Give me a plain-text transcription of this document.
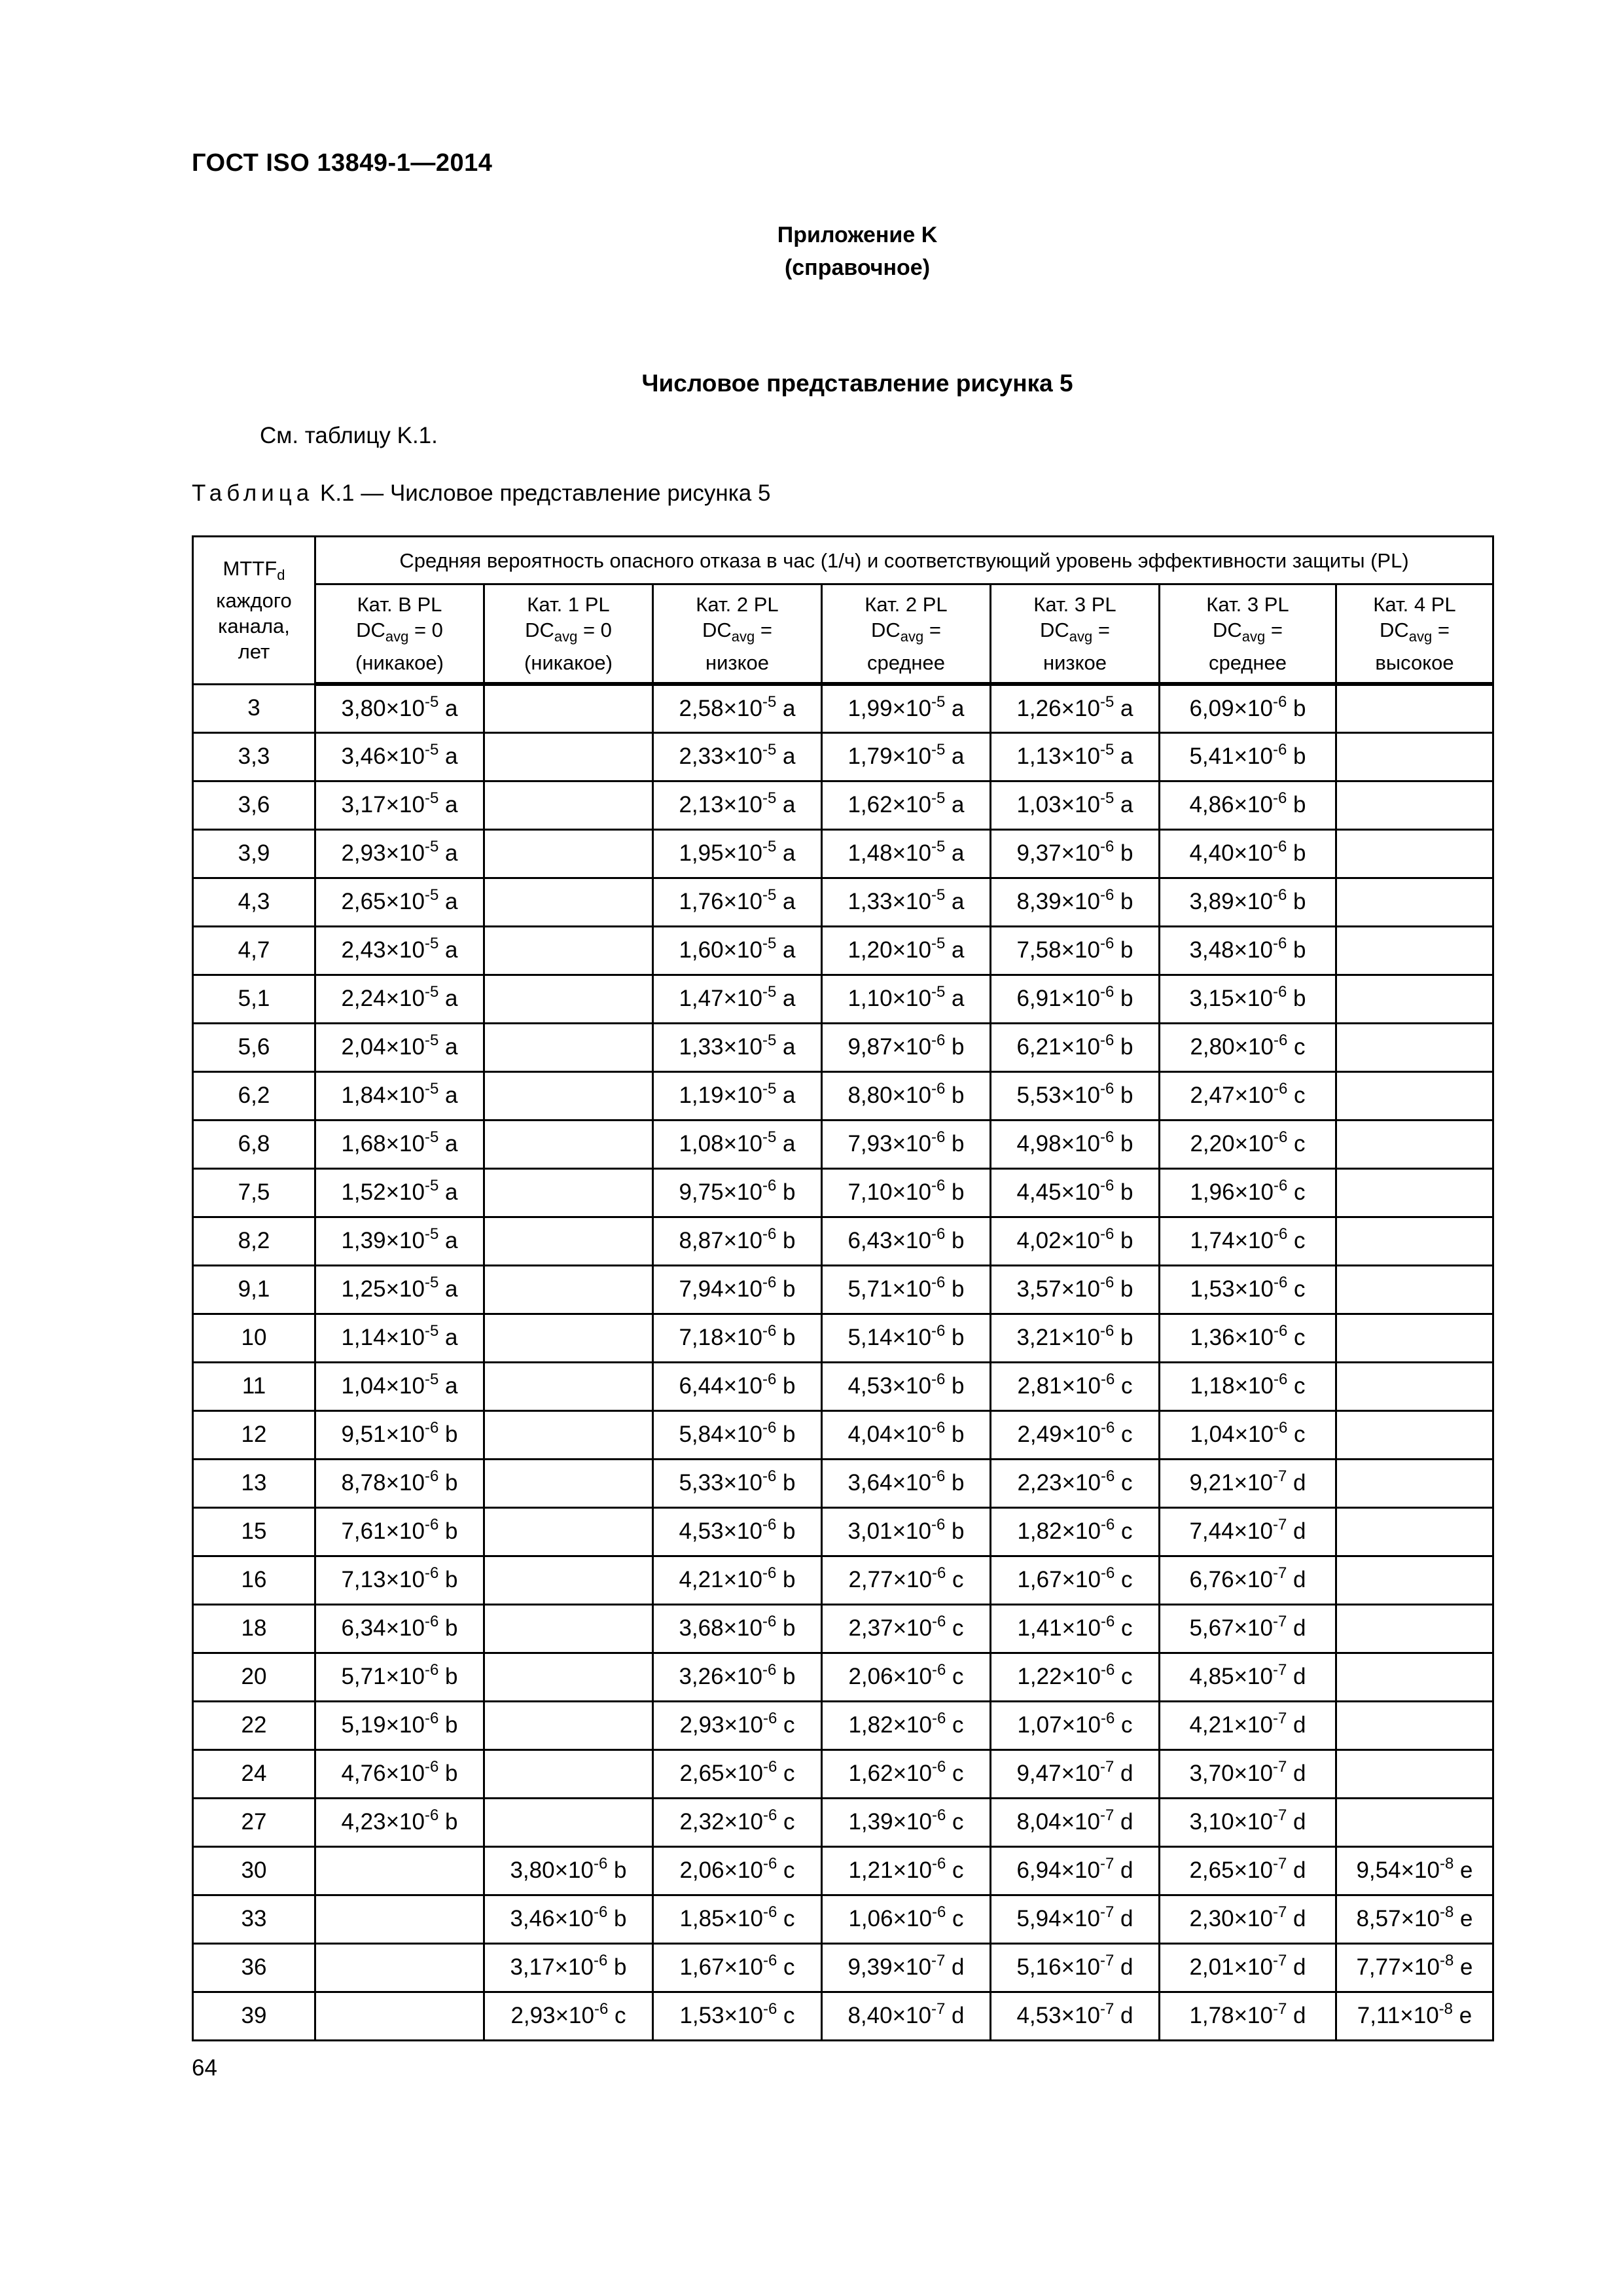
ГОСТ ISO 13849-1—2014
Приложение K
(справочное)
Числовое представление рисунка 5
См. таблицу K.1.
Таблица K.1 — Числовое представление рисунка 5
$MTTF_d$
каждого
канала,
лет	Средняя вероятность опасного отказа в час (1/ч) и соответствующий уровень эффективности защиты (PL)						

	Кат. B PL
$DC_{avg} = 0$
(никакое)	Кат. 1 PL
$DC_{avg} = 0$
(никакое)	Кат. 2 PL
$DC_{avg}$ =
низкое	Кат. 2 PL
$DC_{avg}$ =
среднее	Кат. 3 PL
$DC_{avg}$ =
низкое	Кат. 3 PL
$DC_{avg}$ =
среднее	Кат. 4 PL
$DC_{avg}$ =
высокое

3	$3,80\times 10^{-5}$ a		$2,58\times 10^{-5}$ a	$1,99\times 10^{-5}$ a	$1,26\times 10^{-5}$ a	$6,09\times 10^{-6}$ b	
3,3	$3,46\times 10^{-5}$ a		$2,33\times 10^{-5}$ a	$1,79\times 10^{-5}$ a	$1,13\times 10^{-5}$ a	$5,41\times 10^{-6}$ b	
3,6	$3,17\times 10^{-5}$ a		$2,13\times 10^{-5}$ a	$1,62\times 10^{-5}$ a	$1,03\times 10^{-5}$ a	$4,86\times 10^{-6}$ b	
3,9	$2,93\times 10^{-5}$ a		$1,95\times 10^{-5}$ a	$1,48\times 10^{-5}$ a	$9,37\times 10^{-6}$ b	$4,40\times 10^{-6}$ b	
4,3	$2,65\times 10^{-5}$ a		$1,76\times 10^{-5}$ a	$1,33\times 10^{-5}$ a	$8,39\times 10^{-6}$ b	$3,89\times 10^{-6}$ b	
4,7	$2,43\times 10^{-5}$ a		$1,60\times 10^{-5}$ a	$1,20\times 10^{-5}$ a	$7,58\times 10^{-6}$ b	$3,48\times 10^{-6}$ b	
5,1	$2,24\times 10^{-5}$ a		$1,47\times 10^{-5}$ a	$1,10\times 10^{-5}$ a	$6,91\times 10^{-6}$ b	$3,15\times 10^{-6}$ b	
5,6	$2,04\times 10^{-5}$ a		$1,33\times 10^{-5}$ a	$9,87\times 10^{-6}$ b	$6,21\times 10^{-6}$ b	$2,80\times 10^{-6}$ c	
6,2	$1,84\times 10^{-5}$ a		$1,19\times 10^{-5}$ a	$8,80\times 10^{-6}$ b	$5,53\times 10^{-6}$ b	$2,47\times 10^{-6}$ c	
6,8	$1,68\times 10^{-5}$ a		$1,08\times 10^{-5}$ a	$7,93\times 10^{-6}$ b	$4,98\times 10^{-6}$ b	$2,20\times 10^{-6}$ c	
7,5	$1,52\times 10^{-5}$ a		$9,75\times 10^{-6}$ b	$7,10\times 10^{-6}$ b	$4,45\times 10^{-6}$ b	$1,96\times 10^{-6}$ c	
8,2	$1,39\times 10^{-5}$ a		$8,87\times 10^{-6}$ b	$6,43\times 10^{-6}$ b	$4,02\times 10^{-6}$ b	$1,74\times 10^{-6}$ c	
9,1	$1,25\times 10^{-5}$ a		$7,94\times 10^{-6}$ b	$5,71\times 10^{-6}$ b	$3,57\times 10^{-6}$ b	$1,53\times 10^{-6}$ c	
10	$1,14\times 10^{-5}$ a		$7,18\times 10^{-6}$ b	$5,14\times 10^{-6}$ b	$3,21\times 10^{-6}$ b	$1,36\times 10^{-6}$ c	
11	$1,04\times 10^{-5}$ a		$6,44\times 10^{-6}$ b	$4,53\times 10^{-6}$ b	$2,81\times 10^{-6}$ c	$1,18\times 10^{-6}$ c	
12	$9,51\times 10^{-6}$ b		$5,84\times 10^{-6}$ b	$4,04\times 10^{-6}$ b	$2,49\times 10^{-6}$ c	$1,04\times 10^{-6}$ c	
13	$8,78\times 10^{-6}$ b		$5,33\times 10^{-6}$ b	$3,64\times 10^{-6}$ b	$2,23\times 10^{-6}$ c	$9,21\times 10^{-7}$ d	
15	$7,61\times 10^{-6}$ b		$4,53\times 10^{-6}$ b	$3,01\times 10^{-6}$ b	$1,82\times 10^{-6}$ c	$7,44\times 10^{-7}$ d	
16	$7,13\times 10^{-6}$ b		$4,21\times 10^{-6}$ b	$2,77\times 10^{-6}$ c	$1,67\times 10^{-6}$ c	$6,76\times 10^{-7}$ d	
18	$6,34\times 10^{-6}$ b		$3,68\times 10^{-6}$ b	$2,37\times 10^{-6}$ c	$1,41\times 10^{-6}$ c	$5,67\times 10^{-7}$ d	
20	$5,71\times 10^{-6}$ b		$3,26\times 10^{-6}$ b	$2,06\times 10^{-6}$ c	$1,22\times 10^{-6}$ c	$4,85\times 10^{-7}$ d	
22	$5,19\times 10^{-6}$ b		$2,93\times 10^{-6}$ c	$1,82\times 10^{-6}$ c	$1,07\times 10^{-6}$ c	$4,21\times 10^{-7}$ d	
24	$4,76\times 10^{-6}$ b		$2,65\times 10^{-6}$ c	$1,62\times 10^{-6}$ c	$9,47\times 10^{-7}$ d	$3,70\times 10^{-7}$ d	
27	$4,23\times 10^{-6}$ b		$2,32\times 10^{-6}$ c	$1,39\times 10^{-6}$ c	$8,04\times 10^{-7}$ d	$3,10\times 10^{-7}$ d	
30		$3,80\times 10^{-6}$ b	$2,06\times 10^{-6}$ c	$1,21\times 10^{-6}$ c	$6,94\times 10^{-7}$ d	$2,65\times 10^{-7}$ d	$9,54\times 10^{-8}$ e
33		$3,46\times 10^{-6}$ b	$1,85\times 10^{-6}$ c	$1,06\times 10^{-6}$ c	$5,94\times 10^{-7}$ d	$2,30\times 10^{-7}$ d	$8,57\times 10^{-8}$ e
36		$3,17\times 10^{-6}$ b	$1,67\times 10^{-6}$ c	$9,39\times 10^{-7}$ d	$5,16\times 10^{-7}$ d	$2,01\times 10^{-7}$ d	$7,77\times 10^{-8}$ e
39		$2,93\times 10^{-6}$ c	$1,53\times 10^{-6}$ c	$8,40\times 10^{-7}$ d	$4,53\times 10^{-7}$ d	$1,78\times 10^{-7}$ d	$7,11\times 10^{-8}$ e
64
